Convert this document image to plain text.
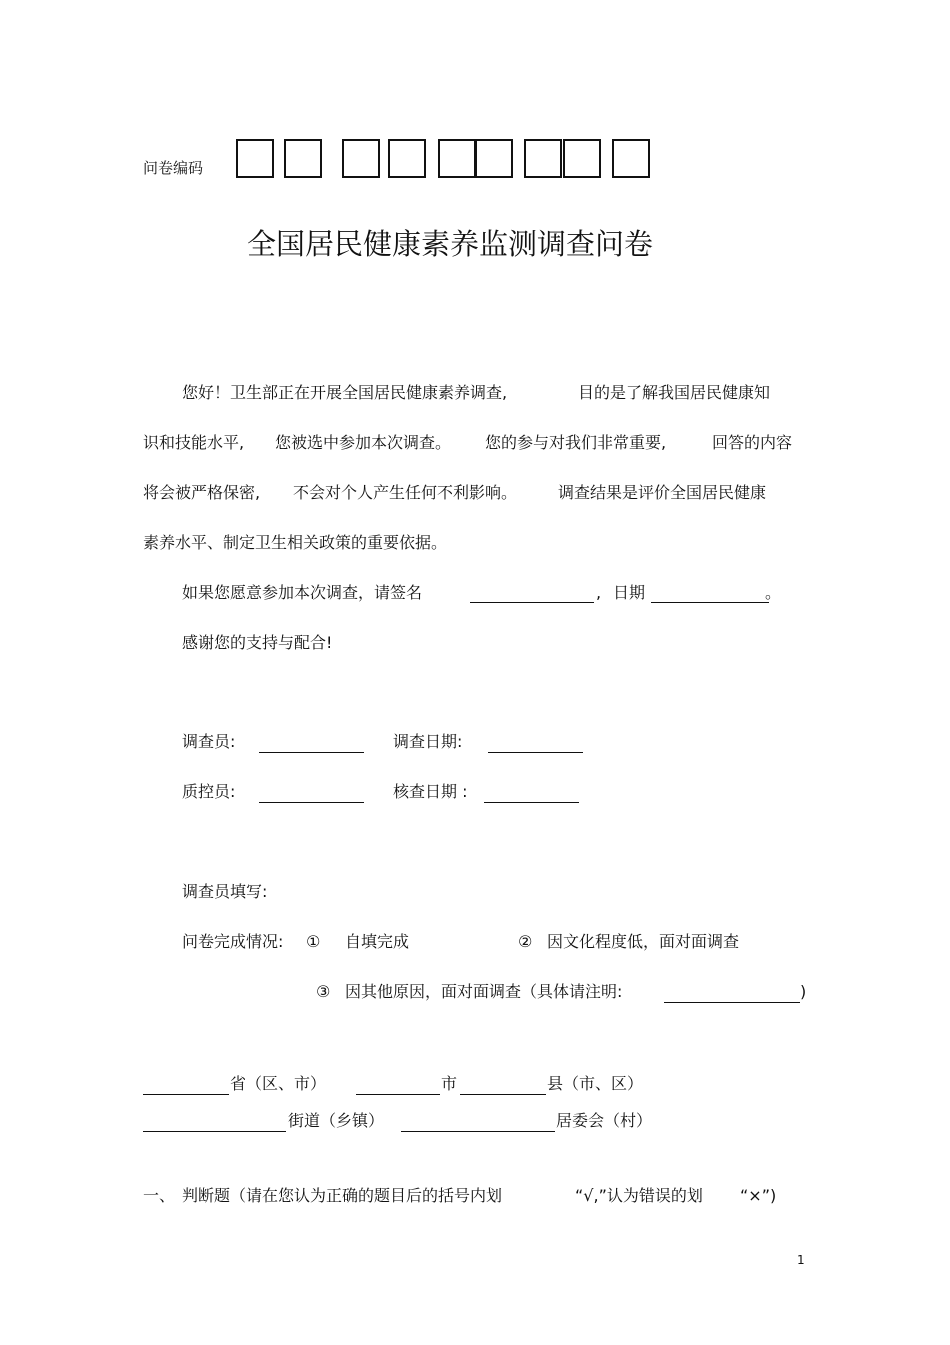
问卷编码
全国居民健康素养监测调查问卷
您好！卫生部正在开展全国居民健康素养调查,	目的是了解我国居民健康知
识和技能水平, 您被选中参加本次调查。 您的参与对我们非常重要,	回答的内容
将会被严格保密, 不会对个人产生任何不利影响。	调查结果是评价全国居民健康
素养水平、制定卫生相关政策的重要依据。
如果您愿意参加本次调查，请签名	, 日期	。
感谢您的支持与配合!
调查员:	调查日期:
质控员:	核查日期 :
调查员填写:
问卷完成情况: ① 自填完成	② 因文化程度低，面对面调查
③ 因其他原因，面对面调查（具体请注明:	)
省（区、市）	市	县（市、区）
街道（乡镇）	居委会（村）
一、 判断题（请在您认为正确的题目后的括号内划	“√,”认为错误的划 “×”)
1
